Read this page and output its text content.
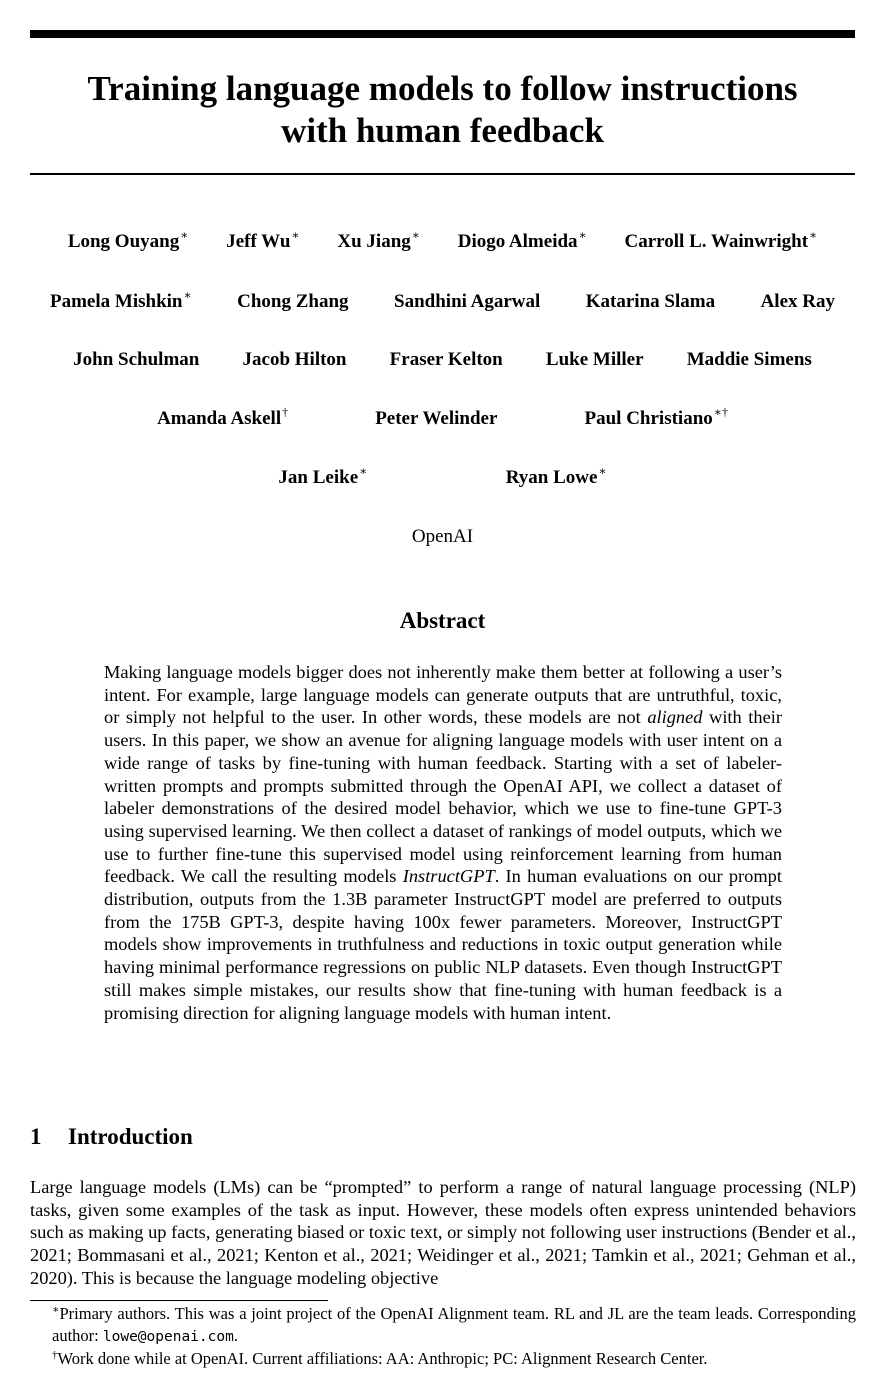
Training language models to follow instructions
with human feedback
Long Ouyang∗ Jeff Wu∗ Xu Jiang∗ Diogo Almeida∗ Carroll L. Wainwright∗
Pamela Mishkin∗ Chong Zhang Sandhini Agarwal Katarina Slama Alex Ray
John Schulman Jacob Hilton Fraser Kelton Luke Miller Maddie Simens
Amanda Askell†	Peter Welinder	Paul Christiano∗†
Jan Leike∗	Ryan Lowe∗
OpenAI
Abstract
Making language models bigger does not inherently make them better at following a user’s intent. For example, large language models can generate outputs that are untruthful, toxic, or simply not helpful to the user. In other words, these models are not aligned with their users. In this paper, we show an avenue for aligning language models with user intent on a wide range of tasks by fine-tuning with human feedback. Starting with a set of labeler-written prompts and prompts submitted through the OpenAI API, we collect a dataset of labeler demonstrations of the desired model behavior, which we use to fine-tune GPT-3 using supervised learning. We then collect a dataset of rankings of model outputs, which we use to further fine-tune this supervised model using reinforcement learning from human feedback. We call the resulting models InstructGPT. In human evaluations on our prompt distribution, outputs from the 1.3B parameter InstructGPT model are preferred to outputs from the 175B GPT-3, despite having 100x fewer parameters. Moreover, InstructGPT models show improvements in truthfulness and reductions in toxic output generation while having minimal performance regressions on public NLP datasets. Even though InstructGPT still makes simple mistakes, our results show that fine-tuning with human feedback is a promising direction for aligning language models with human intent.
1 Introduction
Large language models (LMs) can be “prompted” to perform a range of natural language processing (NLP) tasks, given some examples of the task as input. However, these models often express unintended behaviors such as making up facts, generating biased or toxic text, or simply not following user instructions (Bender et al., 2021; Bommasani et al., 2021; Kenton et al., 2021; Weidinger et al., 2021; Tamkin et al., 2021; Gehman et al., 2020). This is because the language modeling objective

∗Primary authors. This was a joint project of the OpenAI Alignment team. RL and JL are the team leads. Corresponding author: lowe@openai.com.

†Work done while at OpenAI. Current affiliations: AA: Anthropic; PC: Alignment Research Center.
